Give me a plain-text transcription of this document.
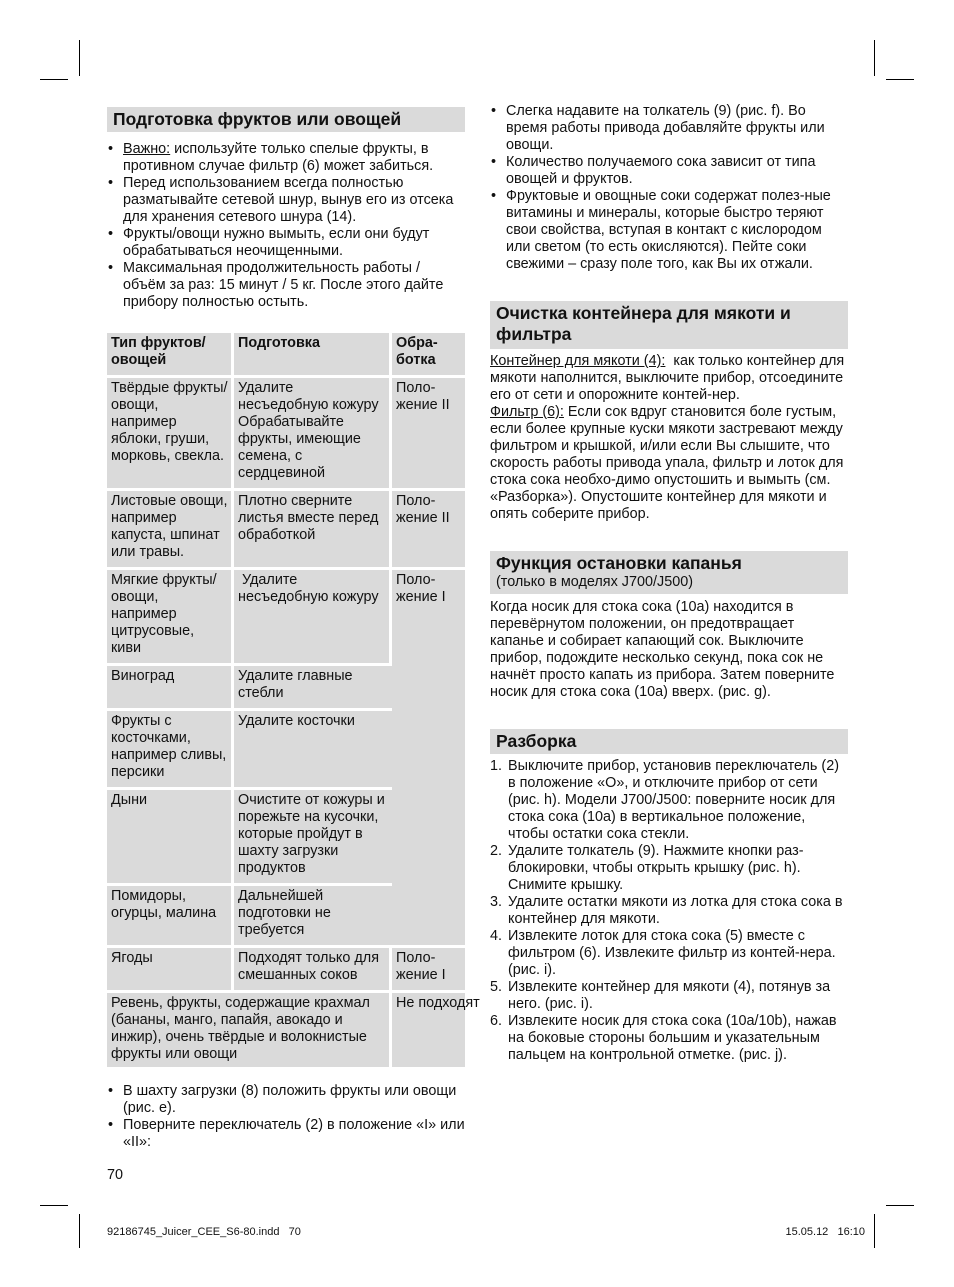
Подготовка фруктов или овощей
• Важно: используйте только спелые фрукты, в противном случае фильтр (6) может забиться.
• Перед использованием всегда полностью разматывайте сетевой шнур, вынув его из отсека для хранения сетевого шнура (14).
• Фрукты/овощи нужно вымыть, если они будут обрабатываться неочищенными.
• Максимальная продолжительность работы / объём за раз: 15 минут / 5 кг. После этого дайте прибору полностью остыть.
Тип фруктов/ овощей	Подготовка	Обра-
ботка
Твёрдые фрукты/ овощи, например яблоки, груши, морковь, свекла.	Удалите несъедобную кожуру Обрабатывайте фрукты, имеющие семена, с сердцевиной	Поло-
жение II
Листовые овощи, например капуста, шпинат или травы.	Плотно сверните листья вместе перед обработкой	Поло-
жение II
Мягкие фрукты/ овощи, например цитрусовые, киви	Удалите несъедобную кожуру	Поло-
жение I
Виноград	Удалите главные стебли	
Фрукты с косточками, например сливы, персики	Удалите косточки	
Дыни	Очистите от кожуры и порежьте на кусочки, которые пройдут в шахту загрузки продуктов	
Помидоры, огурцы, малина	Дальнейшей подготовки не требуется	
Ягоды	Подходят только для смешанных соков	Поло-
жение I
Ревень, фрукты, содержащие крахмал (бананы, манго, папайя, авокадо и инжир), очень твёрдые и волокнистые фрукты или овощи		Не подходят
• В шахту загрузки (8) положить фрукты или овощи (рис. e).
• Поверните переключатель (2) в положение «I» или «II»:
70
• Слегка надавите на толкатель (9) (рис. f). Во время работы привода добавляйте фрукты или овощи.
• Количество получаемого сока зависит от типа овощей и фруктов.
• Фруктовые и овощные соки содержат полез-ные витамины и минералы, которые быстро теряют свои свойства, вступая в контакт с кислородом или светом (то есть окисляются). Пейте соки свежими – сразу поле того, как Вы их отжали.
Очистка контейнера для мякоти и фильтра

Контейнер для мякоти (4):  как только контейнер для мякоти наполнится, выключите прибор, отсоедините его от сети и опорожните контей-нер.

Фильтр (6): Если сок вдруг становится боле густым, если более крупные куски мякоти застревают между фильтром и крышкой, и/или если Вы слышите, что скорость работы привода упала, фильтр и лоток для стока сока необхо-димо опустошить и вымыть (см. «Разборка»). Опустошите контейнер для мякоти и опять соберите прибор.

Функция остановки капанья
(только в моделях J700/J500)

Когда носик для стока сока (10a) находится в перевёрнутом положении, он предотвращает капанье и собирает капающий сок. Выключите прибор, подождите несколько секунд, пока сок не начнёт просто капать из прибора. Затем поверните носик для стока сока (10a) вверх. (рис. g).

Разборка
1. Выключите прибор, установив переключатель (2) в положение «O», и отключите прибор от сети (рис. h). Модели J700/J500: поверните носик для стока сока (10a) в вертикальное положение, чтобы остатки сока стекли.
2. Удалите толкатель (9). Нажмите кнопки раз-блокировки, чтобы открыть крышку (рис. h). Снимите крышку.
3. Удалите остатки мякоти из лотка для стока сока в контейнер для мякоти.
4. Извлеките лоток для стока сока (5) вместе с фильтром (6). Извлеките фильтр из контей-нера. (рис. i).
5. Извлеките контейнер для мякоти (4), потянув за него. (рис. i).
6. Извлеките носик для стока сока (10a/10b), нажав на боковые стороны большим и указательным пальцем на контрольной отметке. (рис. j).
92186745_Juicer_CEE_S6-80.indd   70	15.05.12   16:10
